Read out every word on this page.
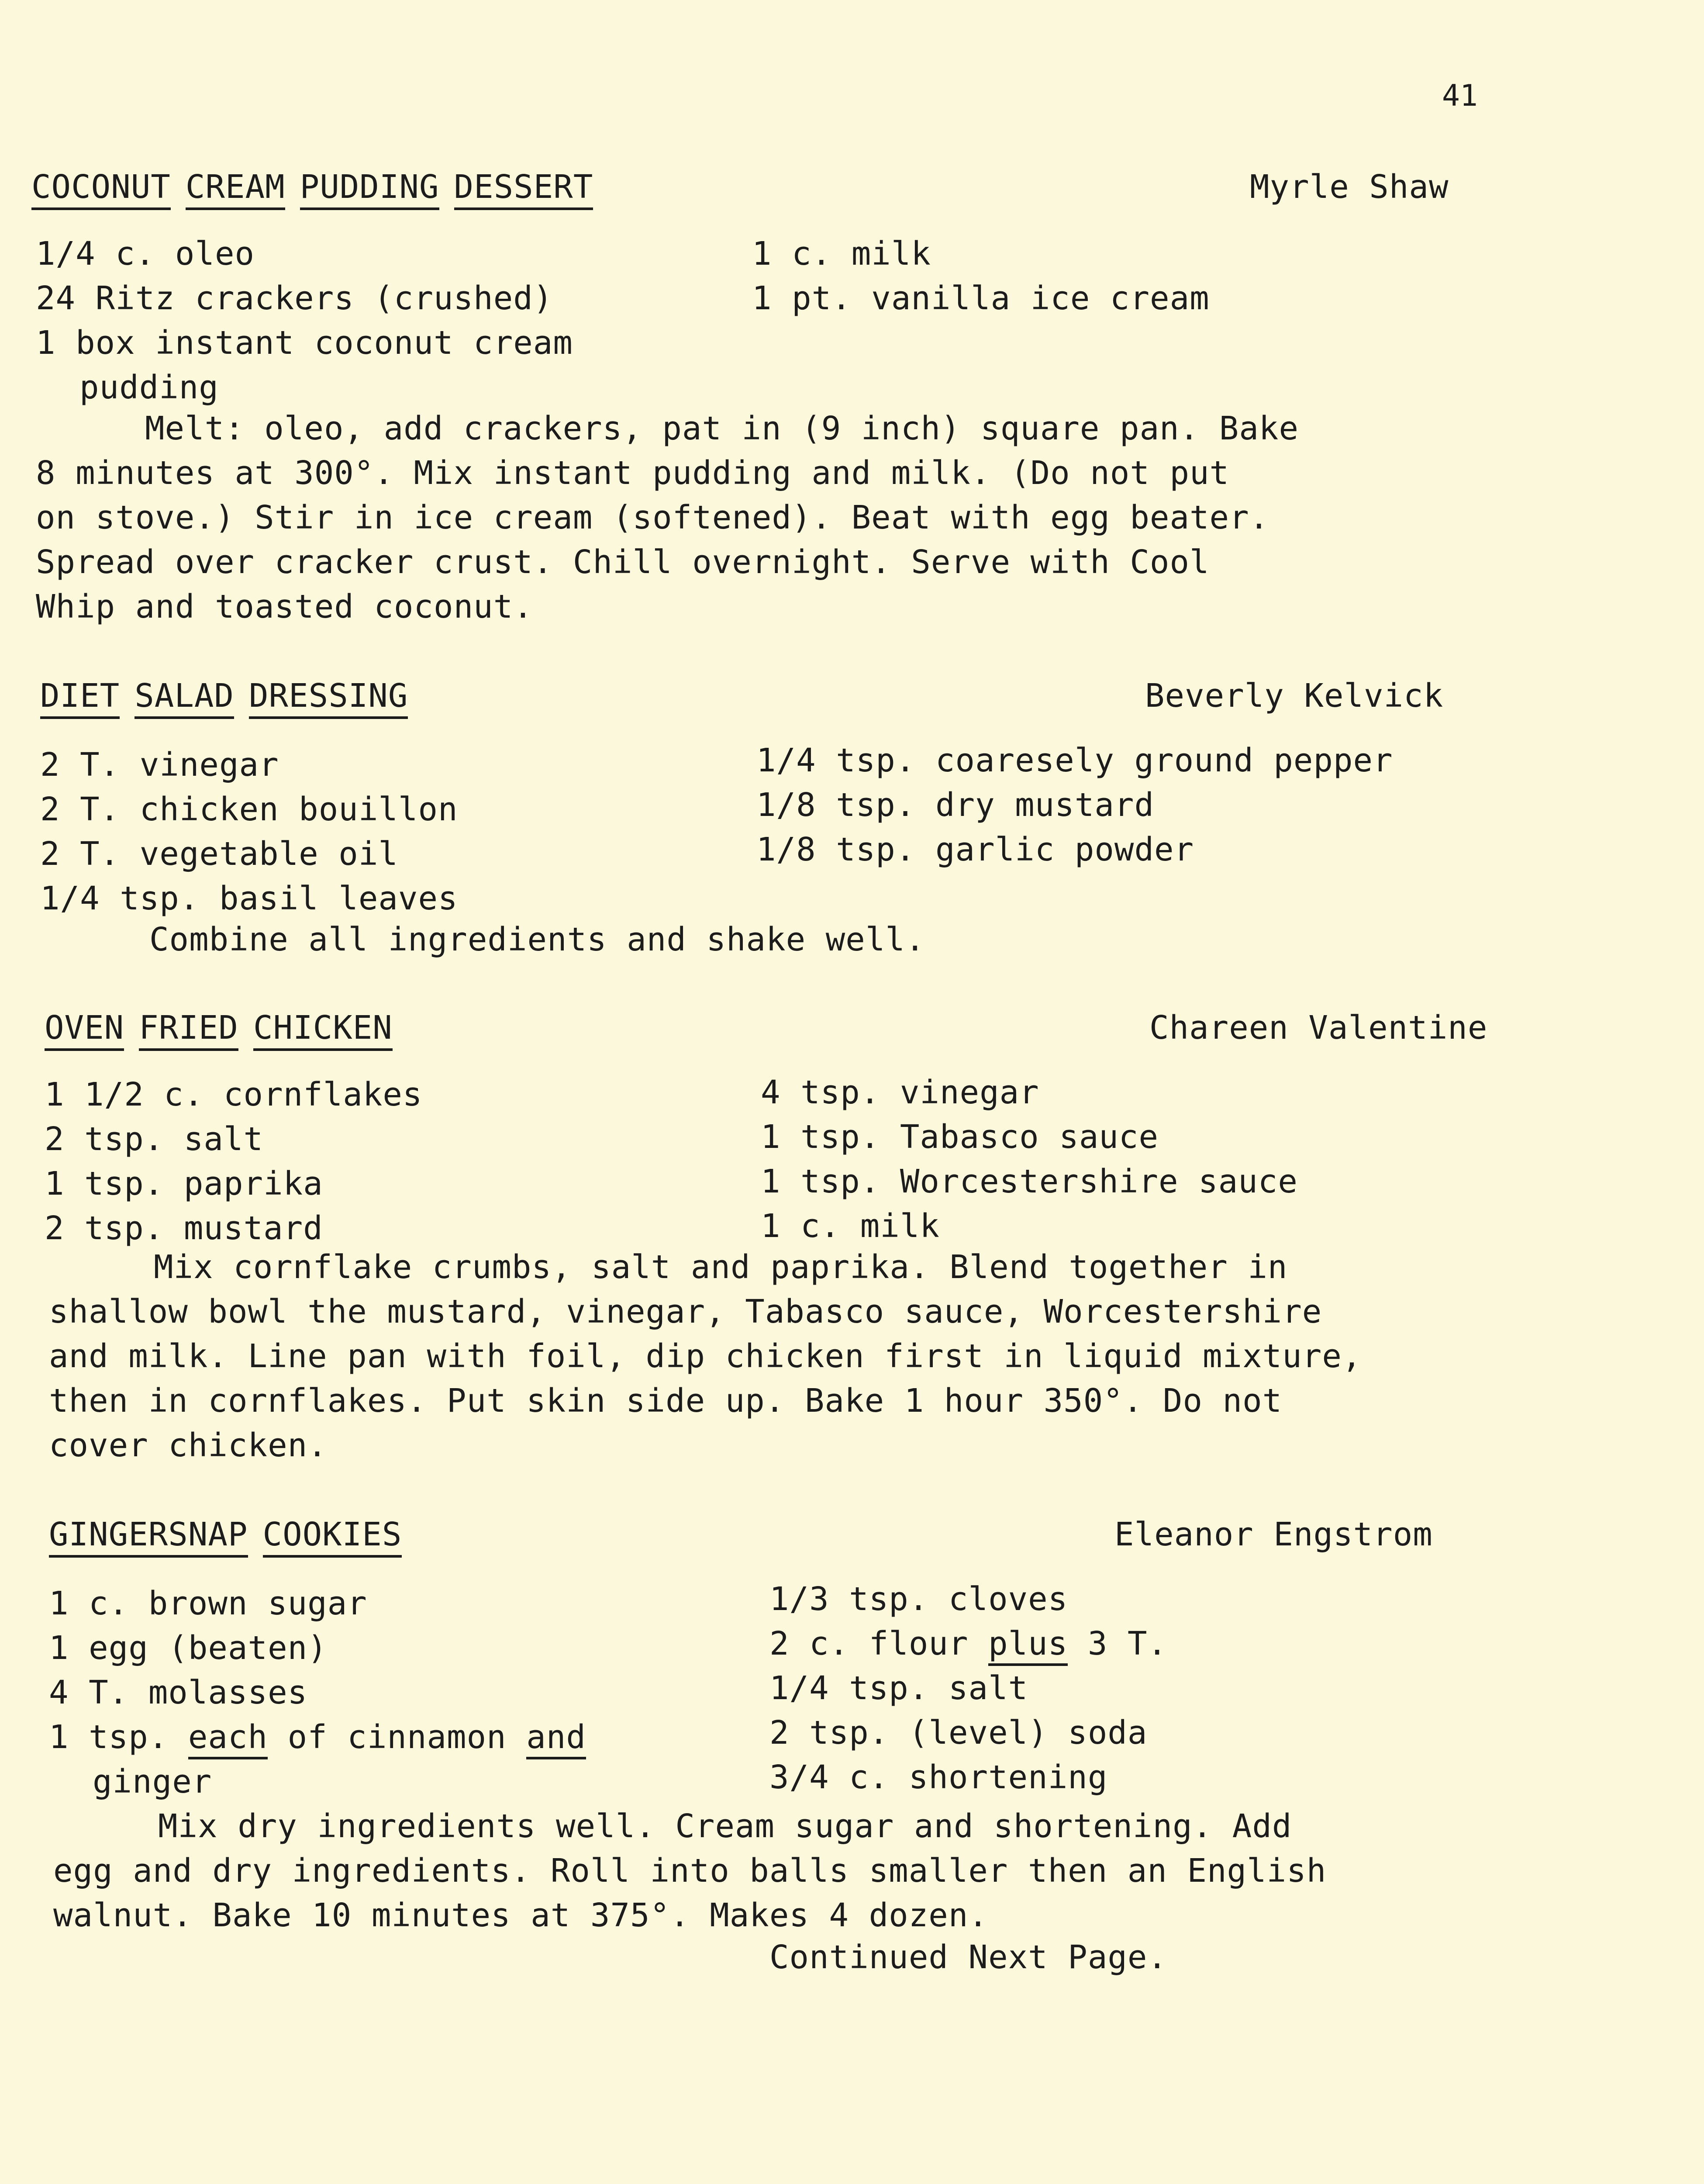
41
COCONUT CREAM PUDDING DESSERT	Myrle Shaw
1/4 c. oleo
24 Ritz crackers (crushed)
1 box instant coconut cream
pudding
1 c. milk
1 pt. vanilla ice cream
Melt: oleo, add crackers, pat in (9 inch) square pan. Bake
8 minutes at 300°. Mix instant pudding and milk. (Do not put
on stove.) Stir in ice cream (softened). Beat with egg beater.
Spread over cracker crust. Chill overnight. Serve with Cool
Whip and toasted coconut.
DIET SALAD DRESSING	Beverly Kelvick
2 T. vinegar
2 T. chicken bouillon
2 T. vegetable oil
1/4 tsp. basil leaves
1/4 tsp. coaresely ground pepper
1/8 tsp. dry mustard
1/8 tsp. garlic powder
Combine all ingredients and shake well.
OVEN FRIED CHICKEN	Chareen Valentine
1 1/2 c. cornflakes
2 tsp. salt
1 tsp. paprika
2 tsp. mustard
4 tsp. vinegar
1 tsp. Tabasco sauce
1 tsp. Worcestershire sauce
1 c. milk
Mix cornflake crumbs, salt and paprika. Blend together in
shallow bowl the mustard, vinegar, Tabasco sauce, Worcestershire
and milk. Line pan with foil, dip chicken first in liquid mixture,
then in cornflakes. Put skin side up. Bake 1 hour 350°. Do not
cover chicken.
GINGERSNAP COOKIES	Eleanor Engstrom
1 c. brown sugar
1 egg (beaten)
4 T. molasses
1 tsp. each of cinnamon and
ginger
1/3 tsp. cloves
2 c. flour plus 3 T.
1/4 tsp. salt
2 tsp. (level) soda
3/4 c. shortening
Mix dry ingredients well. Cream sugar and shortening. Add
egg and dry ingredients. Roll into balls smaller then an English
walnut. Bake 10 minutes at 375°. Makes 4 dozen.
Continued Next Page.
